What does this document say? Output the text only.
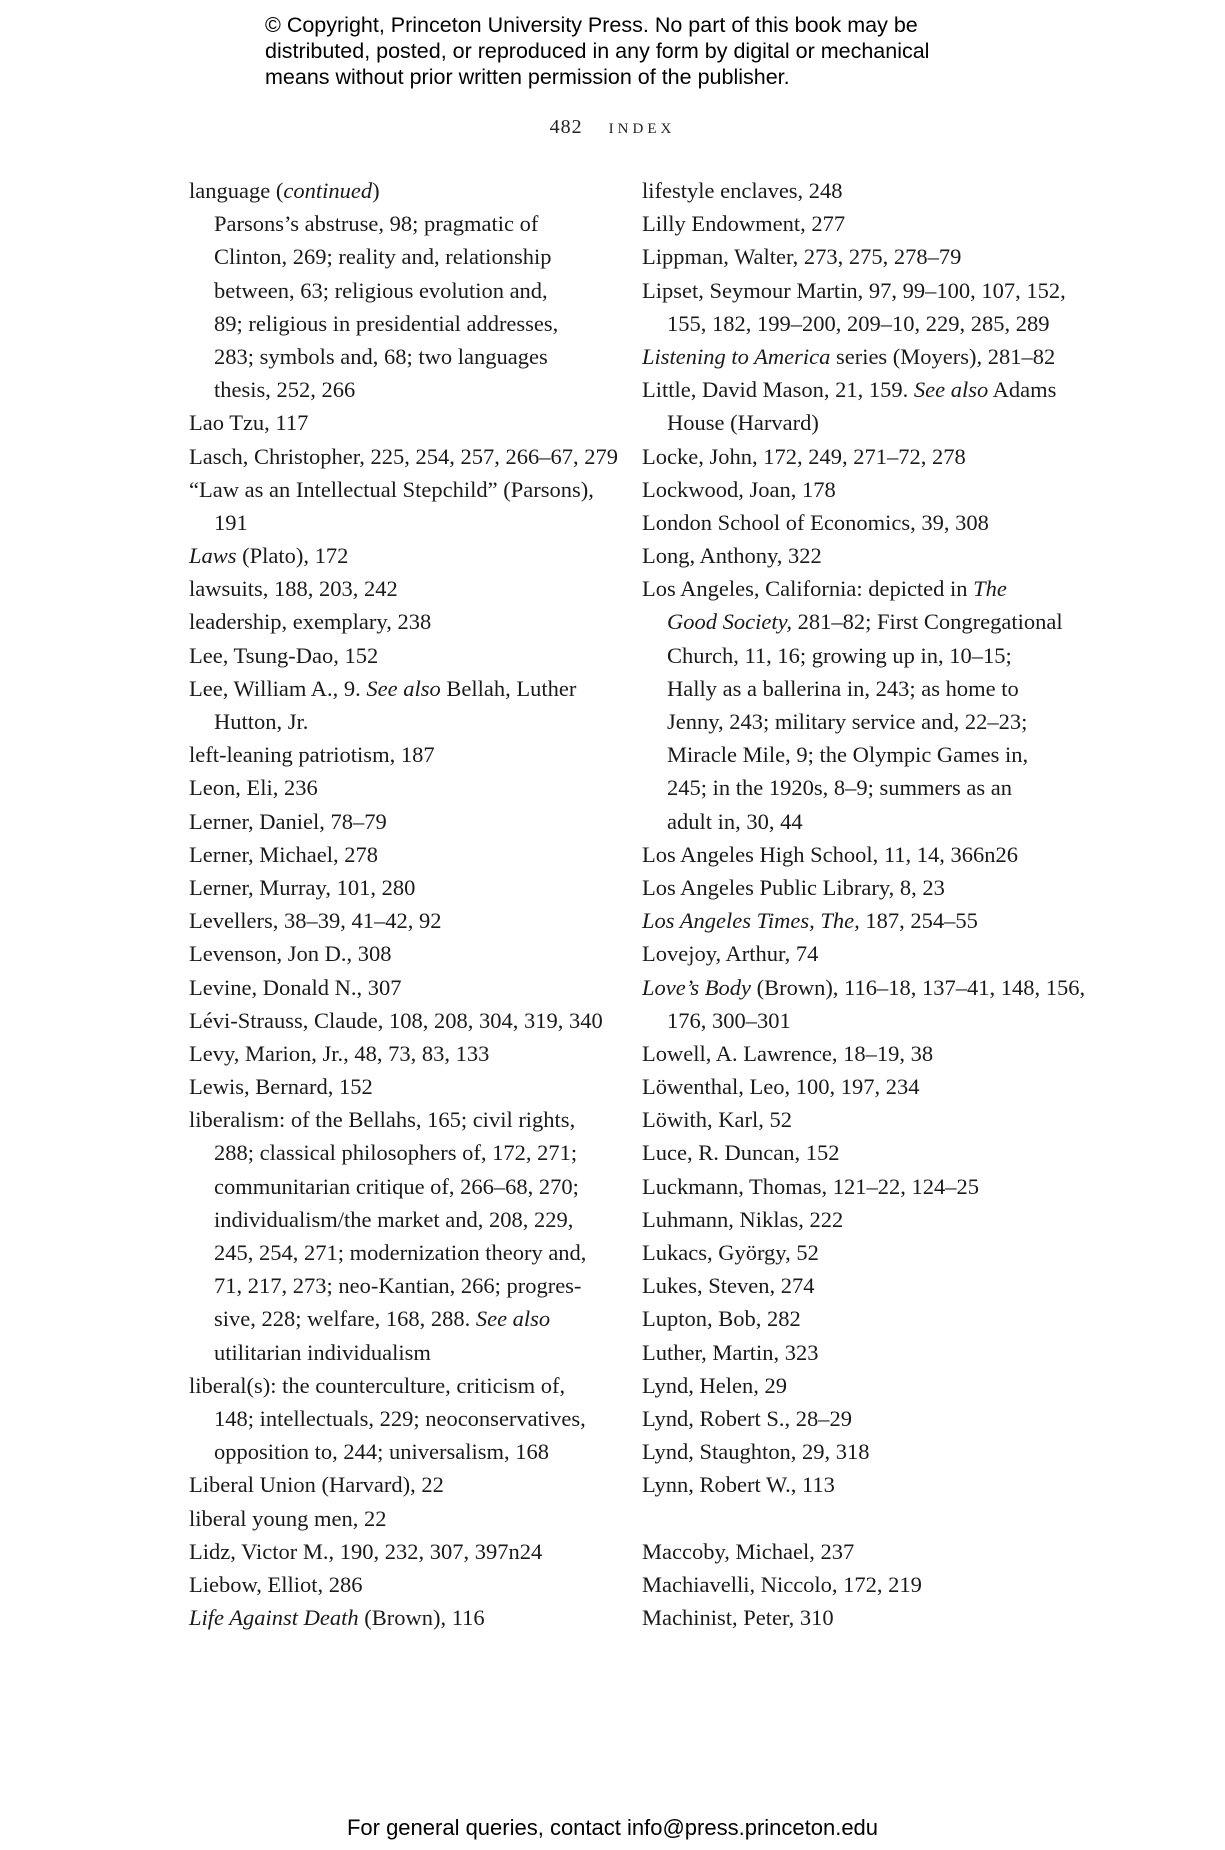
© Copyright, Princeton University Press. No part of this book may be
distributed, posted, or reproduced in any form by digital or mechanical
means without prior written permission of the publisher.
482 index
language (continued)
Parsons’s abstruse, 98; pragmatic of
Clinton, 269; reality and, relationship
between, 63; religious evolution and,
89; religious in presidential addresses,
283; symbols and, 68; two languages
thesis, 252, 266
Lao Tzu, 117
Lasch, Christopher, 225, 254, 257, 266–67, 279
“Law as an Intellectual Stepchild” (Parsons),
191
Laws (Plato), 172
lawsuits, 188, 203, 242
leadership, exemplary, 238
Lee, Tsung-Dao, 152
Lee, William A., 9. See also Bellah, Luther
Hutton, Jr.
left-leaning patriotism, 187
Leon, Eli, 236
Lerner, Daniel, 78–79
Lerner, Michael, 278
Lerner, Murray, 101, 280
Levellers, 38–39, 41–42, 92
Levenson, Jon D., 308
Levine, Donald N., 307
Lévi-Strauss, Claude, 108, 208, 304, 319, 340
Levy, Marion, Jr., 48, 73, 83, 133
Lewis, Bernard, 152
liberalism: of the Bellahs, 165; civil rights,
288; classical philosophers of, 172, 271;
communitarian critique of, 266–68, 270;
individualism/the market and, 208, 229,
245, 254, 271; modernization theory and,
71, 217, 273; neo-Kantian, 266; progres-
sive, 228; welfare, 168, 288. See also
utilitarian individualism
liberal(s): the counterculture, criticism of,
148; intellectuals, 229; neoconservatives,
opposition to, 244; universalism, 168
Liberal Union (Harvard), 22
liberal young men, 22
Lidz, Victor M., 190, 232, 307, 397n24
Liebow, Elliot, 286
Life Against Death (Brown), 116
lifestyle enclaves, 248
Lilly Endowment, 277
Lippman, Walter, 273, 275, 278–79
Lipset, Seymour Martin, 97, 99–100, 107, 152,
155, 182, 199–200, 209–10, 229, 285, 289
Listening to America series (Moyers), 281–82
Little, David Mason, 21, 159. See also Adams
House (Harvard)
Locke, John, 172, 249, 271–72, 278
Lockwood, Joan, 178
London School of Economics, 39, 308
Long, Anthony, 322
Los Angeles, California: depicted in The
Good Society, 281–82; First Congregational
Church, 11, 16; growing up in, 10–15;
Hally as a ballerina in, 243; as home to
Jenny, 243; military service and, 22–23;
Miracle Mile, 9; the Olympic Games in,
245; in the 1920s, 8–9; summers as an
adult in, 30, 44
Los Angeles High School, 11, 14, 366n26
Los Angeles Public Library, 8, 23
Los Angeles Times, The, 187, 254–55
Lovejoy, Arthur, 74
Love’s Body (Brown), 116–18, 137–41, 148, 156,
176, 300–301
Lowell, A. Lawrence, 18–19, 38
Löwenthal, Leo, 100, 197, 234
Löwith, Karl, 52
Luce, R. Duncan, 152
Luckmann, Thomas, 121–22, 124–25
Luhmann, Niklas, 222
Lukacs, György, 52
Lukes, Steven, 274
Lupton, Bob, 282
Luther, Martin, 323
Lynd, Helen, 29
Lynd, Robert S., 28–29
Lynd, Staughton, 29, 318
Lynn, Robert W., 113
Maccoby, Michael, 237
Machiavelli, Niccolo, 172, 219
Machinist, Peter, 310
For general queries, contact info@press.princeton.edu
